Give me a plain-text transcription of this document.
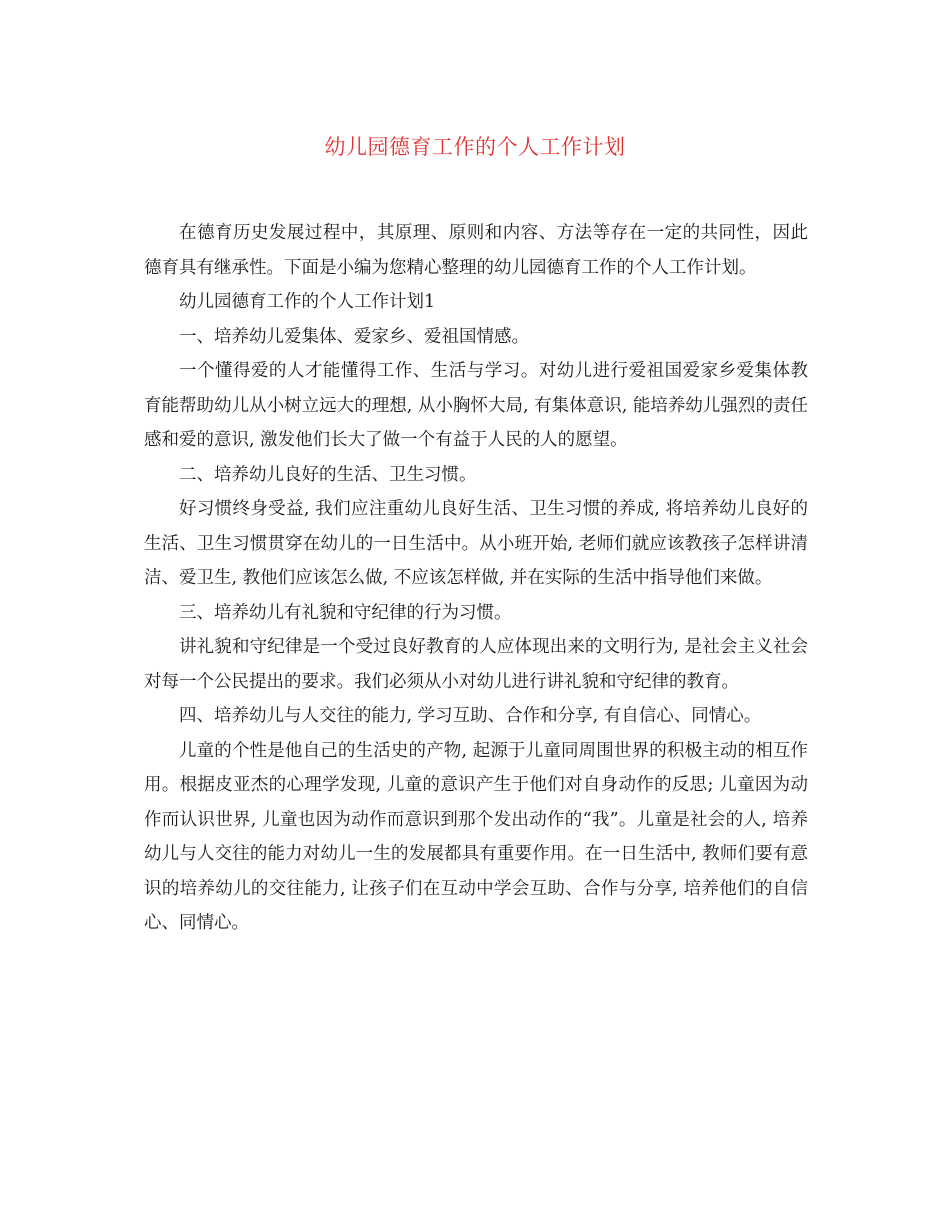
幼儿园德育工作的个人工作计划

在德育历史发展过程中，其原理、原则和内容、方法等存在一定的共同性，因此德育具有继承性。下面是小编为您精心整理的幼儿园德育工作的个人工作计划。

幼儿园德育工作的个人工作计划1

一、培养幼儿爱集体、爱家乡、爱祖国情感。

一个懂得爱的人才能懂得工作、生活与学习。对幼儿进行爱祖国爱家乡爱集体教育能帮助幼儿从小树立远大的理想, 从小胸怀大局, 有集体意识, 能培养幼儿强烈的责任感和爱的意识, 激发他们长大了做一个有益于人民的人的愿望。

二、培养幼儿良好的生活、卫生习惯。

好习惯终身受益, 我们应注重幼儿良好生活、卫生习惯的养成, 将培养幼儿良好的生活、卫生习惯贯穿在幼儿的一日生活中。从小班开始, 老师们就应该教孩子怎样讲清洁、爱卫生, 教他们应该怎么做, 不应该怎样做, 并在实际的生活中指导他们来做。

三、培养幼儿有礼貌和守纪律的行为习惯。

讲礼貌和守纪律是一个受过良好教育的人应体现出来的文明行为, 是社会主义社会对每一个公民提出的要求。我们必须从小对幼儿进行讲礼貌和守纪律的教育。

四、培养幼儿与人交往的能力, 学习互助、合作和分享, 有自信心、同情心。

儿童的个性是他自己的生活史的产物, 起源于儿童同周围世界的积极主动的相互作用。根据皮亚杰的心理学发现, 儿童的意识产生于他们对自身动作的反思; 儿童因为动作而认识世界, 儿童也因为动作而意识到那个发出动作的“我”。儿童是社会的人, 培养幼儿与人交往的能力对幼儿一生的发展都具有重要作用。在一日生活中, 教师们要有意识的培养幼儿的交往能力, 让孩子们在互动中学会互助、合作与分享, 培养他们的自信心、同情心。
